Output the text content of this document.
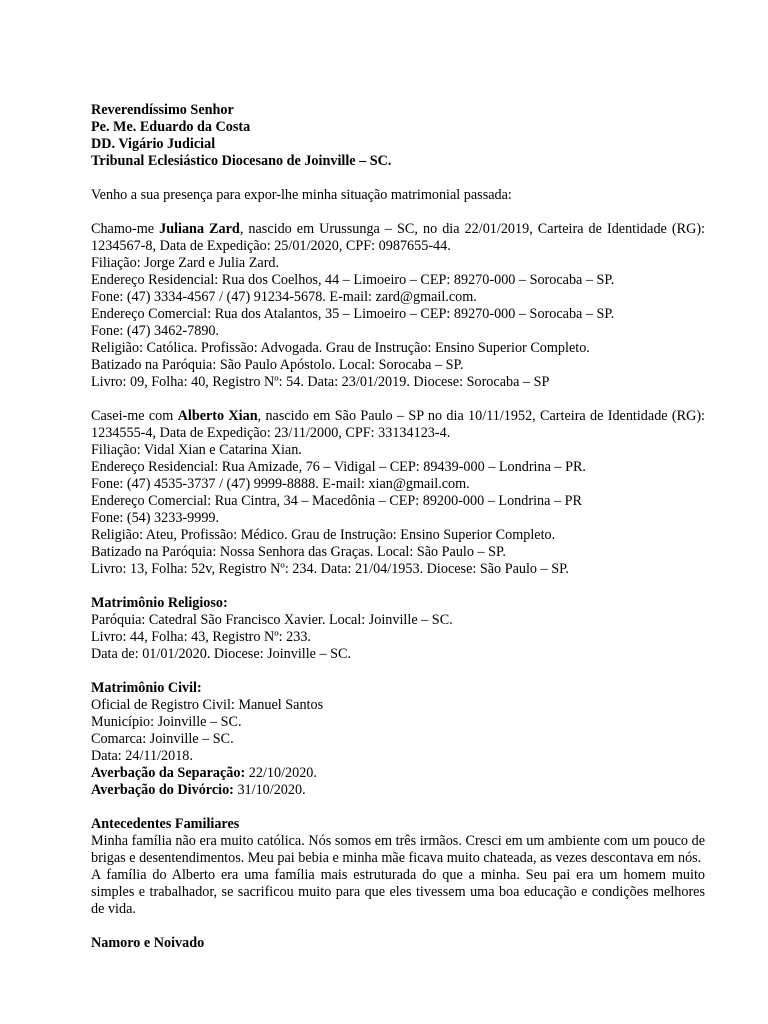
Reverendíssimo Senhor
Pe. Me. Eduardo da Costa
DD. Vigário Judicial
Tribunal Eclesiástico Diocesano de Joinville – SC.
Venho a sua presença para expor-lhe minha situação matrimonial passada:
Chamo-me Juliana Zard, nascido em Urussunga – SC, no dia 22/01/2019, Carteira de Identidade (RG): 1234567-8, Data de Expedição: 25/01/2020, CPF: 0987655-44.
Filiação: Jorge Zard e Julia Zard.
Endereço Residencial: Rua dos Coelhos, 44 – Limoeiro – CEP: 89270-000 – Sorocaba – SP.
Fone: (47) 3334-4567 / (47) 91234-5678. E-mail: zard@gmail.com.
Endereço Comercial: Rua dos Atalantos, 35 – Limoeiro – CEP: 89270-000 – Sorocaba – SP.
Fone: (47) 3462-7890.
Religião: Católica. Profissão: Advogada. Grau de Instrução: Ensino Superior Completo.
Batizado na Paróquia: São Paulo Apóstolo. Local: Sorocaba – SP.
Livro: 09, Folha: 40, Registro Nº: 54. Data: 23/01/2019. Diocese: Sorocaba – SP
Casei-me com Alberto Xian, nascido em São Paulo – SP no dia 10/11/1952, Carteira de Identidade (RG): 1234555-4, Data de Expedição: 23/11/2000, CPF: 33134123-4.
Filiação: Vidal Xian e Catarina Xian.
Endereço Residencial: Rua Amizade, 76 – Vidigal – CEP: 89439-000 – Londrina – PR.
Fone: (47) 4535-3737 / (47) 9999-8888. E-mail: xian@gmail.com.
Endereço Comercial: Rua Cintra, 34 – Macedônia – CEP: 89200-000 – Londrina – PR
Fone: (54) 3233-9999.
Religião: Ateu, Profissão: Médico. Grau de Instrução: Ensino Superior Completo.
Batizado na Paróquia: Nossa Senhora das Graças. Local: São Paulo – SP.
Livro: 13, Folha: 52v, Registro Nº: 234. Data: 21/04/1953. Diocese: São Paulo – SP.
Matrimônio Religioso:
Paróquia: Catedral São Francisco Xavier. Local: Joinville – SC.
Livro: 44, Folha: 43, Registro Nº: 233.
Data de: 01/01/2020. Diocese: Joinville – SC.
Matrimônio Civil:
Oficial de Registro Civil: Manuel Santos
Município: Joinville – SC.
Comarca: Joinville – SC.
Data: 24/11/2018.
Averbação da Separação: 22/10/2020.
Averbação do Divórcio: 31/10/2020.
Antecedentes Familiares
Minha família não era muito católica. Nós somos em três irmãos. Cresci em um ambiente com um pouco de brigas e desentendimentos. Meu pai bebia e minha mãe ficava muito chateada, as vezes descontava em nós.
A família do Alberto era uma família mais estruturada do que a minha. Seu pai era um homem muito simples e trabalhador, se sacrificou muito para que eles tivessem uma boa educação e condições melhores de vida.
Namoro e Noivado
